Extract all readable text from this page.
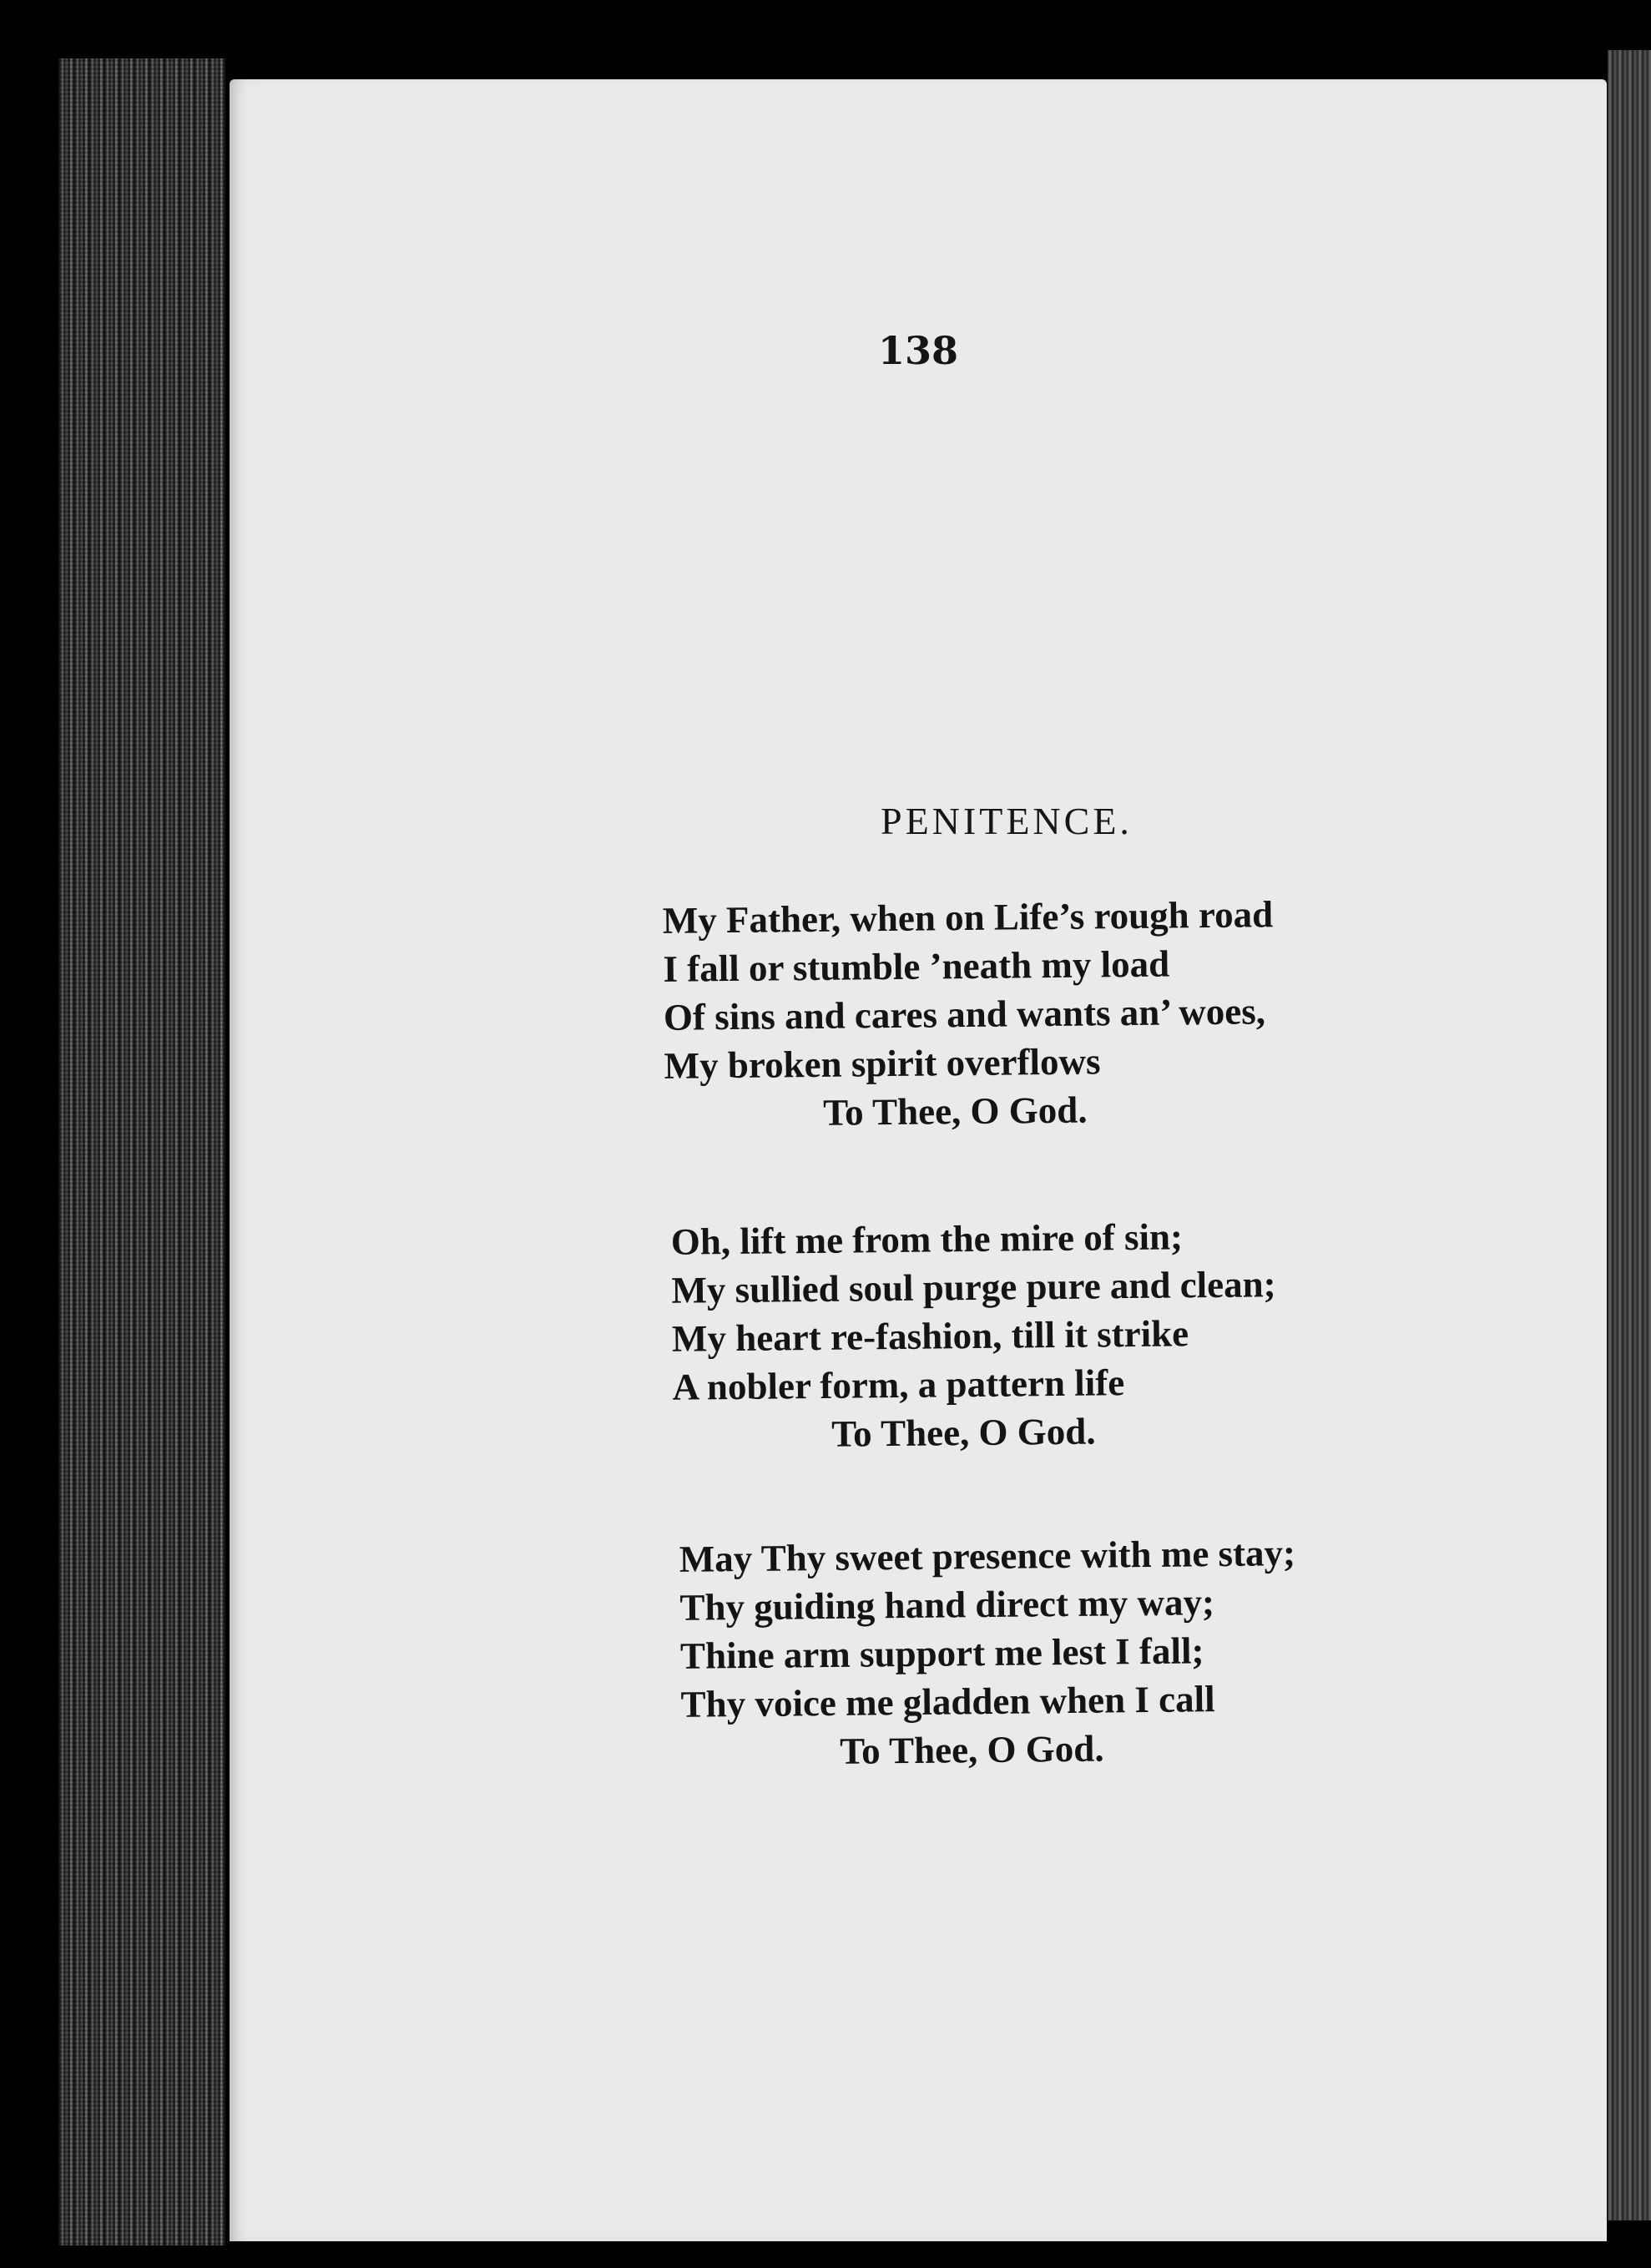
138
PENITENCE.
My Father, when on Life’s rough road
I fall or stumble ’neath my load
Of sins and cares and wants an’ woes,
My broken spirit overflows
To Thee, O God.
Oh, lift me from the mire of sin;
My sullied soul purge pure and clean;
My heart re-fashion, till it strike
A nobler form, a pattern life
To Thee, O God.
May Thy sweet presence with me stay;
Thy guiding hand direct my way;
Thine arm support me lest I fall;
Thy voice me gladden when I call
To Thee, O God.
